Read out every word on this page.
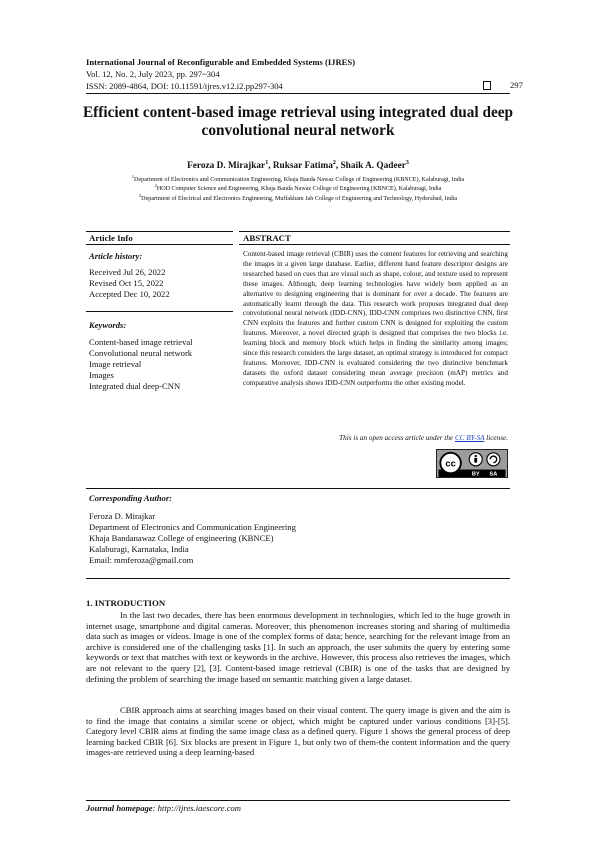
International Journal of Reconfigurable and Embedded Systems (IJRES)
Vol. 12, No. 2, July 2023, pp. 297~304
ISSN: 2089-4864, DOI: 10.11591/ijres.v12.i2.pp297-304	297
Efficient content-based image retrieval using integrated dual deep convolutional neural network
Feroza D. Mirajkar$^1$, Ruksar Fatima$^2$, Shaik A. Qadeer$^3$
$^1$Department of Electronics and Communication Engineering, Khaja Banda Nawaz College of Engineering (KBNCE), Kalaburagi, India
$^2$HOD Computer Science and Engineering, Khaja Banda Nawaz College of Engineering (KBNCE), Kalaburagi, India
$^3$Department of Electrical and Electronics Engineering, Muffakham Jah College of Engineering and Technology, Hyderabad, India
Article Info	ABSTRACT
Article history:
Received Jul 26, 2022
Revised Oct 15, 2022
Accepted Dec 10, 2022
Keywords:
Content-based image retrieval
Convolutional neural network
Image retrieval
Images
Integrated dual deep-CNN
Content-based image retrieval (CBIR) uses the content features for retrieving and searching the images in a given large database. Earlier, different hand feature descriptor designs are researched based on cues that are visual such as shape, colour, and texture used to represent these images. Although, deep learning technologies have widely been applied as an alternative to designing engineering that is dominant for over a decade. The features are automatically learnt through the data. This research work proposes integrated dual deep convolutional neural network (IDD-CNN), IDD-CNN comprises two distinctive CNN, first CNN exploits the features and further custom CNN is designed for exploiting the custom features. Moreover, a novel directed graph is designed that comprises the two blocks i.e. learning block and memory block which helps in finding the similarity among images; since this research considers the large dataset, an optimal strategy is introduced for compact features. Moreover, IDD-CNN is evaluated considering the two distinctive benchmark datasets the oxford dataset considering mean average precision (mAP) metrics and comparative analysis shows IDD-CNN outperforms the other existing model.
This is an open access article under the CC BY-SA license.
cc
BY SA
Corresponding Author:
Feroza D. Mirajkar
Department of Electronics and Communication Engineering
Khaja Bandanawaz College of engineering (KBNCE)
Kalaburagi, Karnataka, India
Email: mmferoza@gmail.com
1. INTRODUCTION
In the last two decades, there has been enormous development in technologies, which led to the huge growth in internet usage, smartphone and digital cameras. Moreover, this phenomenon increases storing and sharing of multimedia data such as images or videos. Image is one of the complex forms of data; hence, searching for the relevant image from an archive is considered one of the challenging tasks [1]. In such an approach, the user submits the query by entering some keywords or text that matches with text or keywords in the archive. However, this process also retrieves the images, which are not relevant to the query [2], [3]. Content-based image retrieval (CBIR) is one of the tasks that are designed by defining the problem of searching the image based on semantic matching given a large dataset.
CBIR approach aims at searching images based on their visual content. The query image is given and the aim is to find the image that contains a similar scene or object, which might be captured under various conditions [3]-[5]. Category level CBIR aims at finding the same image class as a defined query. Figure 1 shows the general process of deep learning backed CBIR [6]. Six blocks are present in Figure 1, but only two of them-the content information and the query images-are retrieved using a deep learning-based
Journal homepage: http://ijres.iaescore.com
